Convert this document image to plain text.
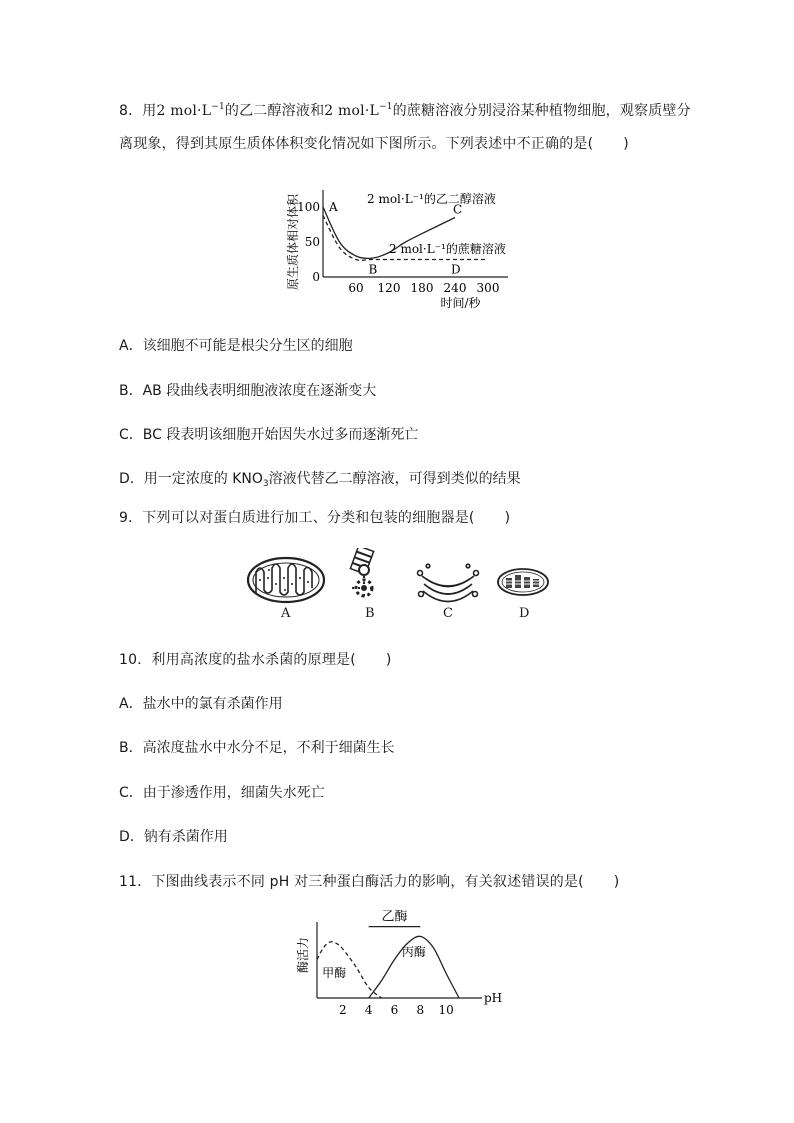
8．用2 $mol\cdot L^{-1}$的乙二醇溶液和2 $mol\cdot L^{-1}$的蔗糖溶液分别浸浴某种植物细胞，观察质壁分
离现象，得到其原生质体体积变化情况如下图所示。下列表述中不正确的是( )
60 120 180 240 300
0
50
100
时间/秒
原生质体相对体积	2 mol·L⁻¹的乙二醇溶液
2 mol·L⁻¹的蔗糖溶液
A
B
C
D
A．该细胞不可能是根尖分生区的细胞
B．AB 段曲线表明细胞液浓度在逐渐变大
C．BC 段表明该细胞开始因失水过多而逐渐死亡
D．用一定浓度的 $KNO_3$溶液代替乙二醇溶液，可得到类似的结果
9．下列可以对蛋白质进行加工、分类和包装的细胞器是( )
A	B	C	D
10．利用高浓度的盐水杀菌的原理是( )
A．盐水中的氯有杀菌作用
B．高浓度盐水中水分不足，不利于细菌生长
C．由于渗透作用，细菌失水死亡
D．钠有杀菌作用
11．下图曲线表示不同 pH 对三种蛋白酶活力的影响，有关叙述错误的是( )
2 4 6 8 10
pH
酶活力
乙酶
甲酶
丙酶
